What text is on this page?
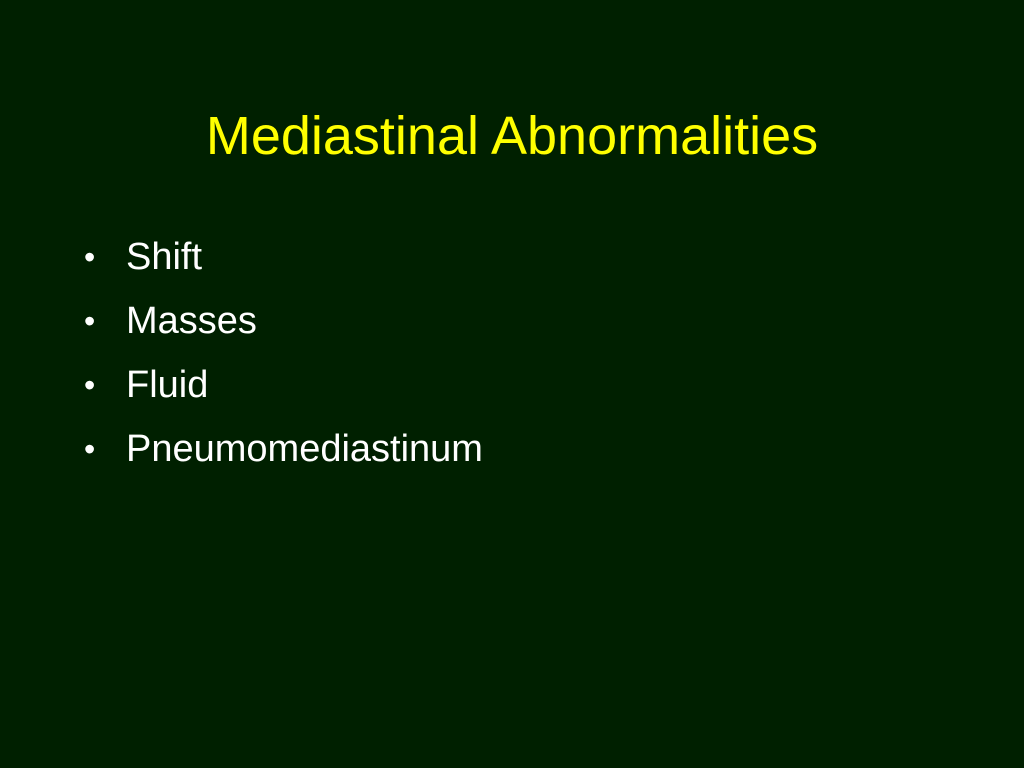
Mediastinal Abnormalities
• Shift
• Masses
• Fluid
• Pneumomediastinum
